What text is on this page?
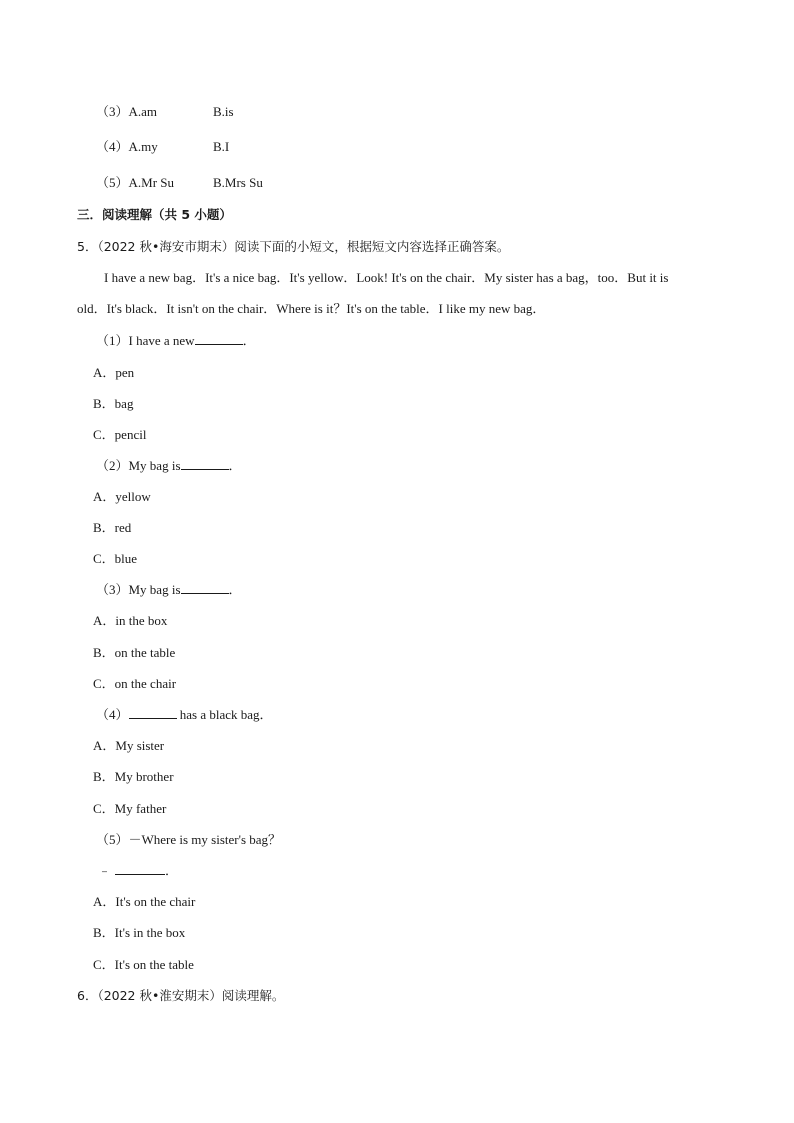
（3）A.am	B.is
（4）A.my	B.I
（5）A.Mr Su	B.Mrs Su
三．阅读理解（共 5 小题）
5．（2022 秋•海安市期末）阅读下面的小短文，根据短文内容选择正确答案。
I have a new bag．It's a nice bag．It's yellow．Look! It's on the chair．My sister has a bag，too．But it is
old．It's black．It isn't on the chair．Where is it？It's on the table．I like my new bag．
（1）I have a new	．
A．pen
B．bag
C．pencil
（2）My bag is	．
A．yellow
B．red
C．blue
（3）My bag is	．
A．in the box
B．on the table
C．on the chair
（4）	has a black bag．
A．My sister
B．My brother
C．My father
（5）－Where is my sister's bag？
﹣	．
A．It's on the chair
B．It's in the box
C．It's on the table
6．（2022 秋•淮安期末）阅读理解。
